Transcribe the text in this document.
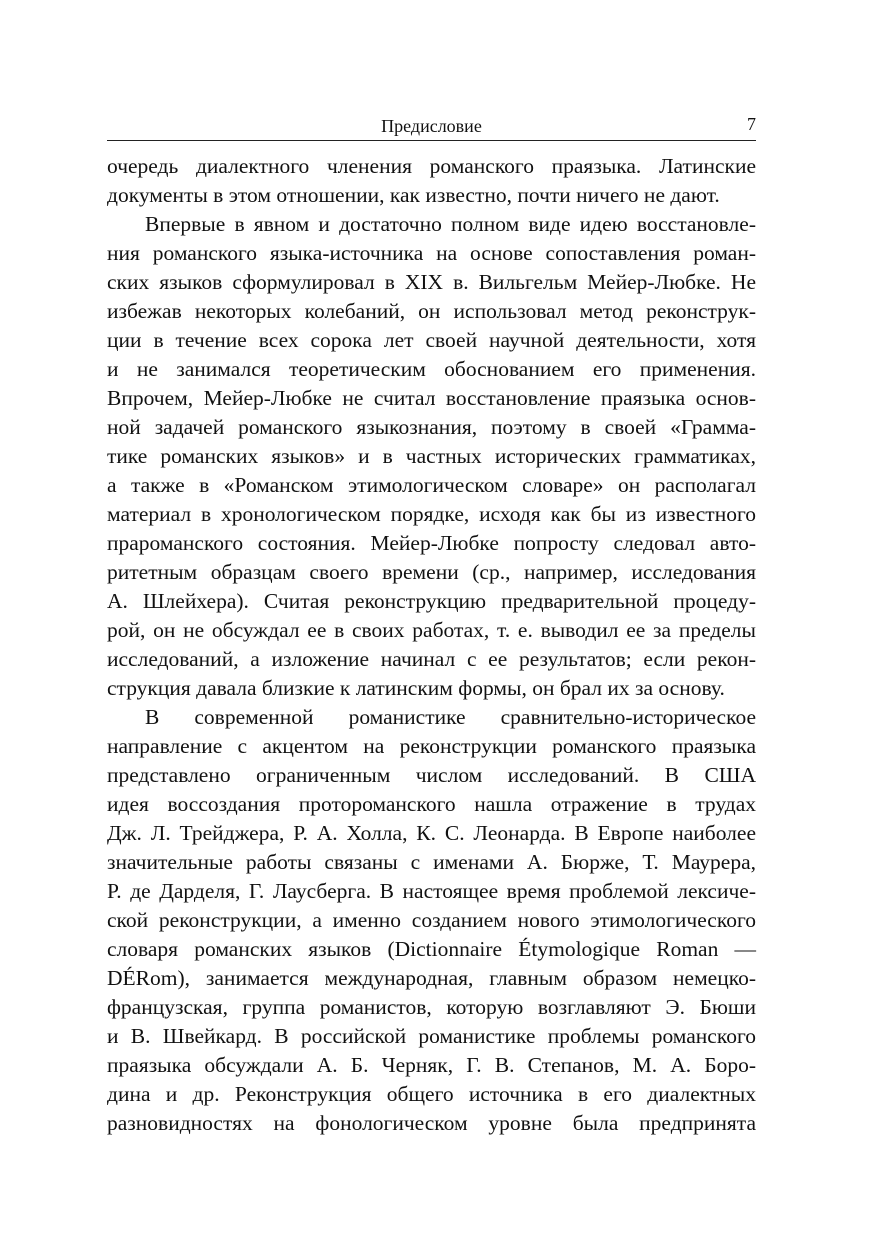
Предисловие	7
очередь диалектного членения романского праязыка. Латинские
документы в этом отношении, как известно, почти ничего не дают.
Впервые в явном и достаточно полном виде идею восстановле-
ния романского языка-источника на основе сопоставления роман-
ских языков сформулировал в XIX в. Вильгельм Мейер-Любке. Не
избежав некоторых колебаний, он использовал метод реконструк-
ции в течение всех сорока лет своей научной деятельности, хотя
и не занимался теоретическим обоснованием его применения.
Впрочем, Мейер-Любке не считал восстановление праязыка основ-
ной задачей романского языкознания, поэтому в своей «Грамма-
тике романских языков» и в частных исторических грамматиках,
а также в «Романском этимологическом словаре» он располагал
материал в хронологическом порядке, исходя как бы из известного
прароманского состояния. Мейер-Любке попросту следовал авто-
ритетным образцам своего времени (ср., например, исследования
А. Шлейхера). Считая реконструкцию предварительной процеду-
рой, он не обсуждал ее в своих работах, т. е. выводил ее за пределы
исследований, а изложение начинал с ее результатов; если рекон-
струкция давала близкие к латинским формы, он брал их за основу.
В современной романистике сравнительно-историческое
направление с акцентом на реконструкции романского праязыка
представлено ограниченным числом исследований. В США
идея воссоздания протороманского нашла отражение в трудах
Дж. Л. Трейджера, Р. А. Холла, К. С. Леонарда. В Европе наиболее
значительные работы связаны с именами А. Бюрже, Т. Маурера,
Р. де Дарделя, Г. Лаусберга. В настоящее время проблемой лексиче-
ской реконструкции, а именно созданием нового этимологического
словаря романских языков (Dictionnaire Étymologique Roman —
DÉRom), занимается международная, главным образом немецко-
французская, группа романистов, которую возглавляют Э. Бюши
и В. Швейкард. В российской романистике проблемы романского
праязыка обсуждали А. Б. Черняк, Г. В. Степанов, М. А. Боро-
дина и др. Реконструкция общего источника в его диалектных
разновидностях на фонологическом уровне была предпринята
